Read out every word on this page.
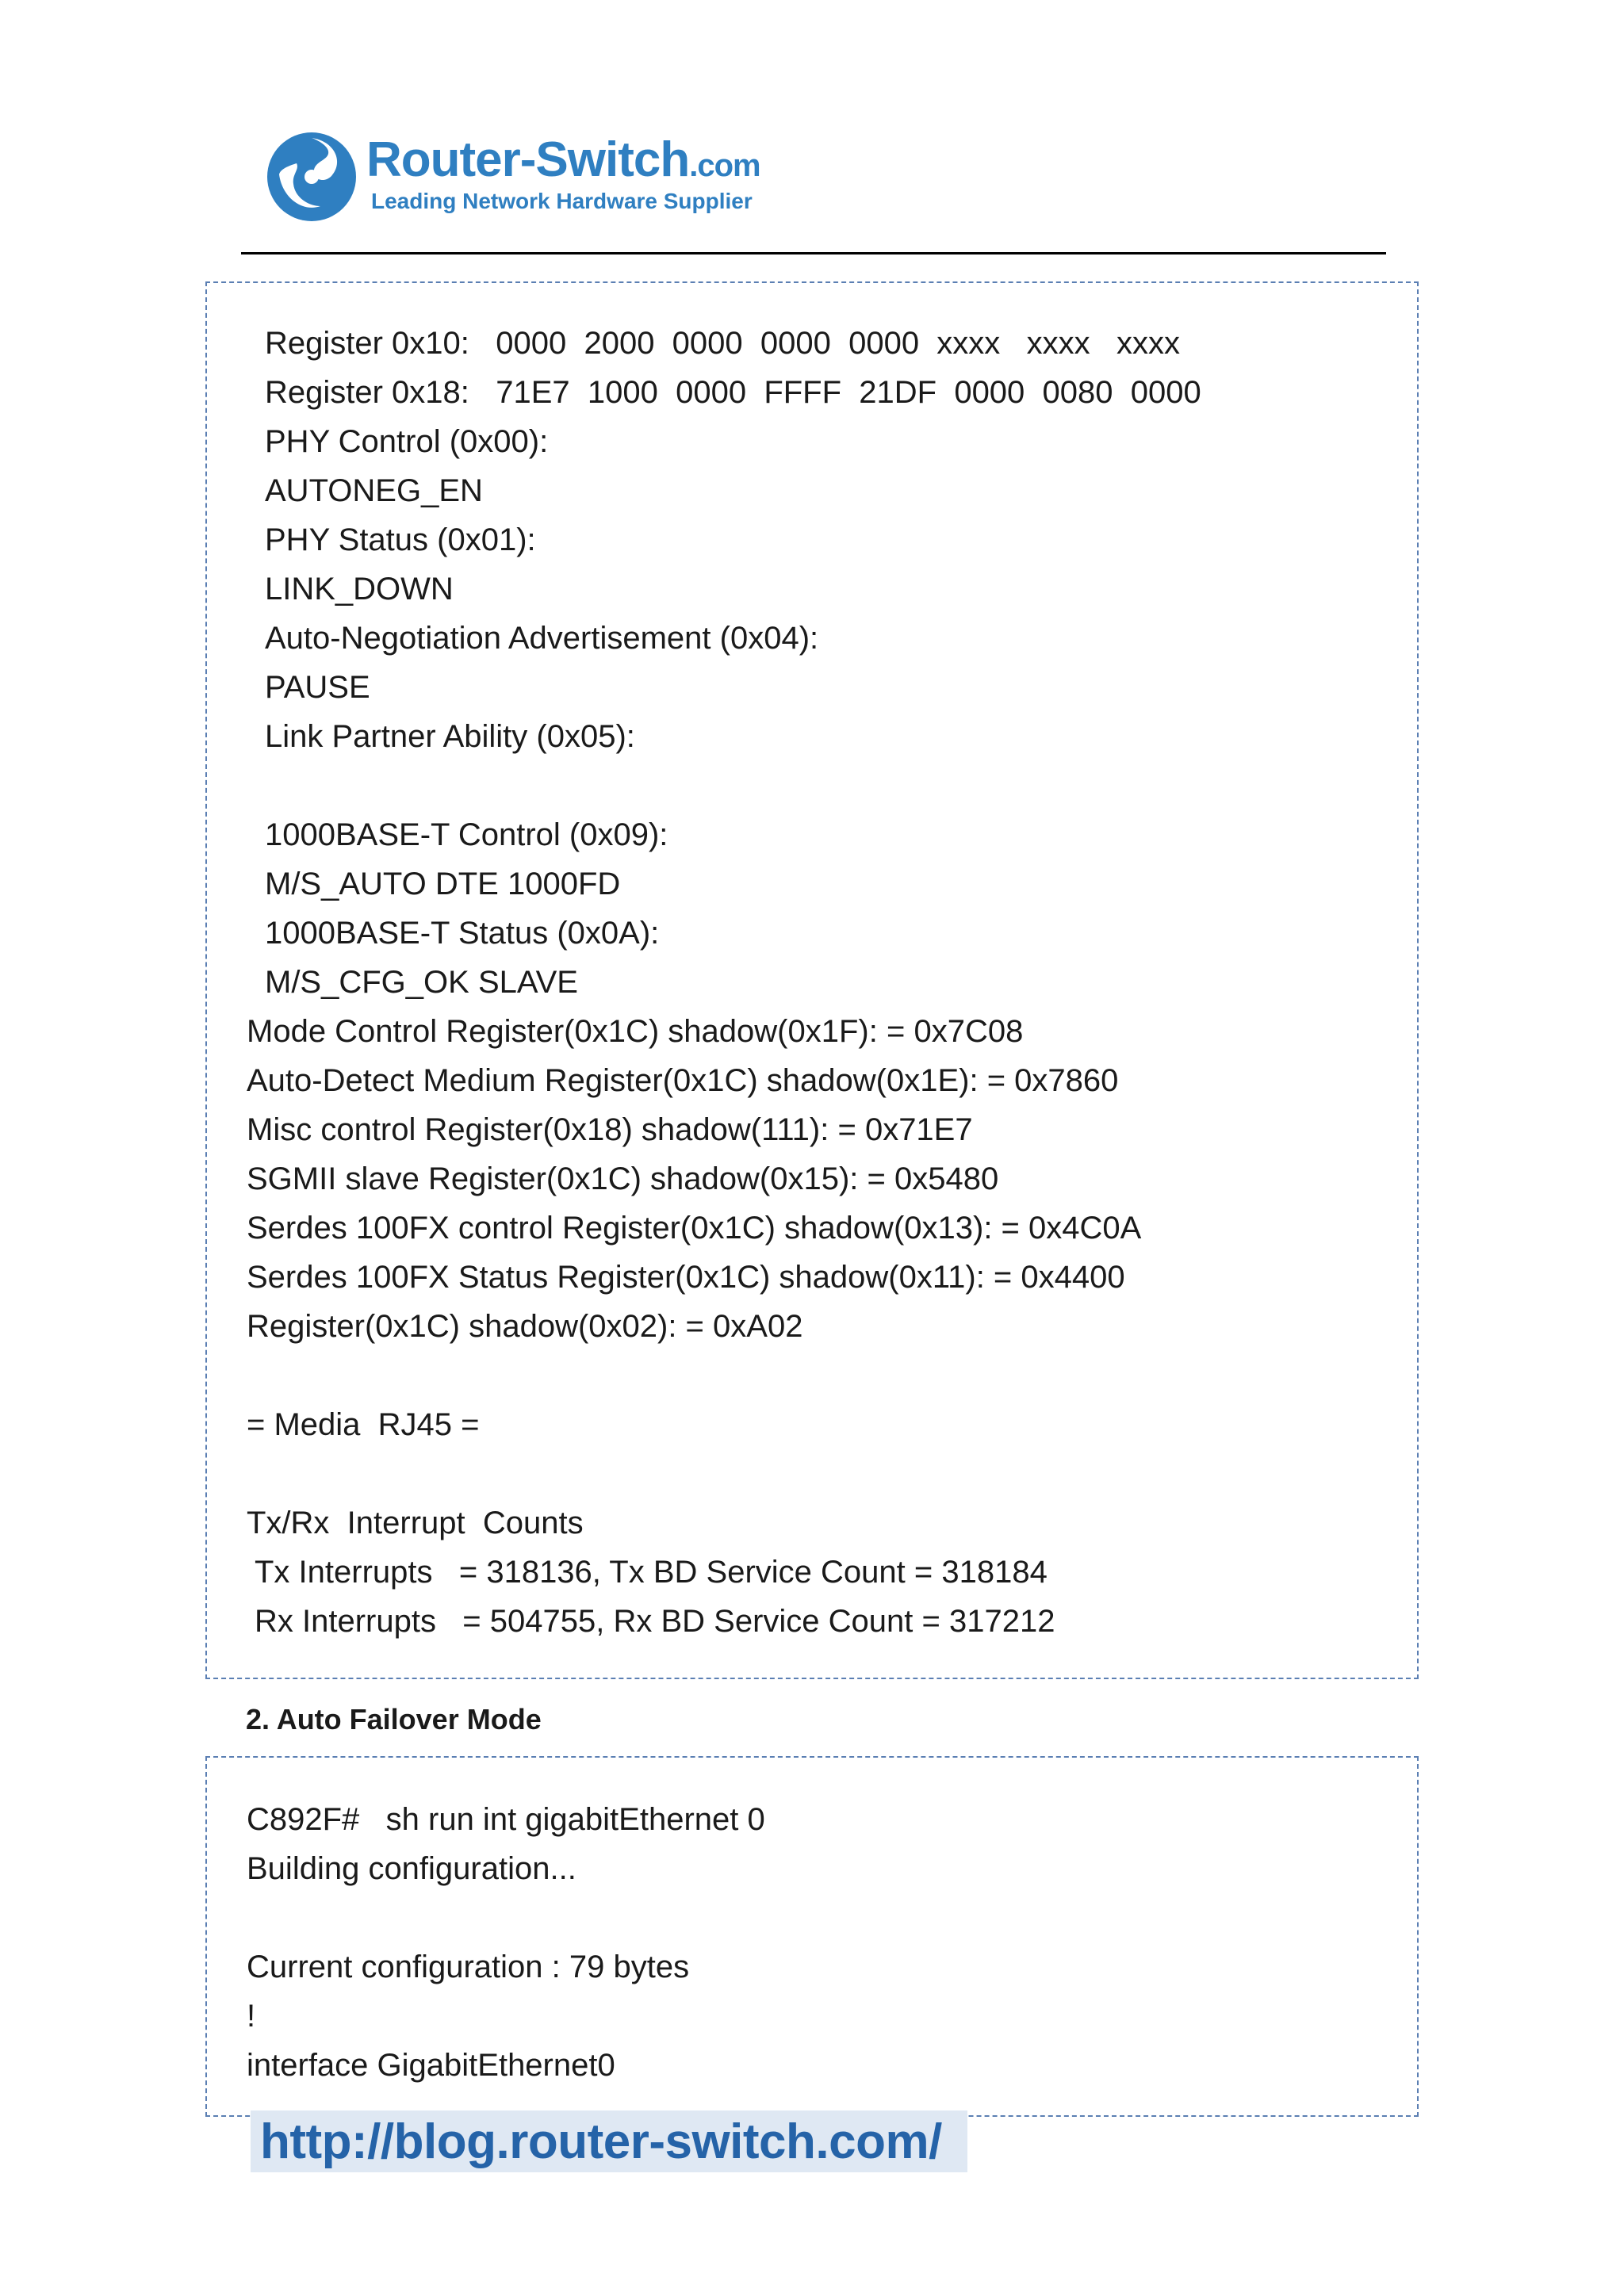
Router-Switch.com
Leading Network Hardware Supplier
Register 0x10:   0000  2000  0000  0000  0000  xxxx   xxxx   xxxx
Register 0x18:   71E7  1000  0000  FFFF  21DF  0000  0080  0000
PHY Control (0x00):
AUTONEG_EN
PHY Status (0x01):
LINK_DOWN
Auto-Negotiation Advertisement (0x04):
PAUSE
Link Partner Ability (0x05):
1000BASE-T Control (0x09):
M/S_AUTO DTE 1000FD
1000BASE-T Status (0x0A):
M/S_CFG_OK SLAVE
Mode Control Register(0x1C) shadow(0x1F): = 0x7C08
Auto-Detect Medium Register(0x1C) shadow(0x1E): = 0x7860
Misc control Register(0x18) shadow(111): = 0x71E7
SGMII slave Register(0x1C) shadow(0x15): = 0x5480
Serdes 100FX control Register(0x1C) shadow(0x13): = 0x4C0A
Serdes 100FX Status Register(0x1C) shadow(0x11): = 0x4400
Register(0x1C) shadow(0x02): = 0xA02
= Media  RJ45 =
Tx/Rx  Interrupt  Counts
Tx Interrupts   = 318136, Tx BD Service Count = 318184
Rx Interrupts   = 504755, Rx BD Service Count = 317212
2. Auto Failover Mode
C892F#   sh run int gigabitEthernet 0
Building configuration...
Current configuration : 79 bytes
!
interface GigabitEthernet0
http://blog.router-switch.com/
